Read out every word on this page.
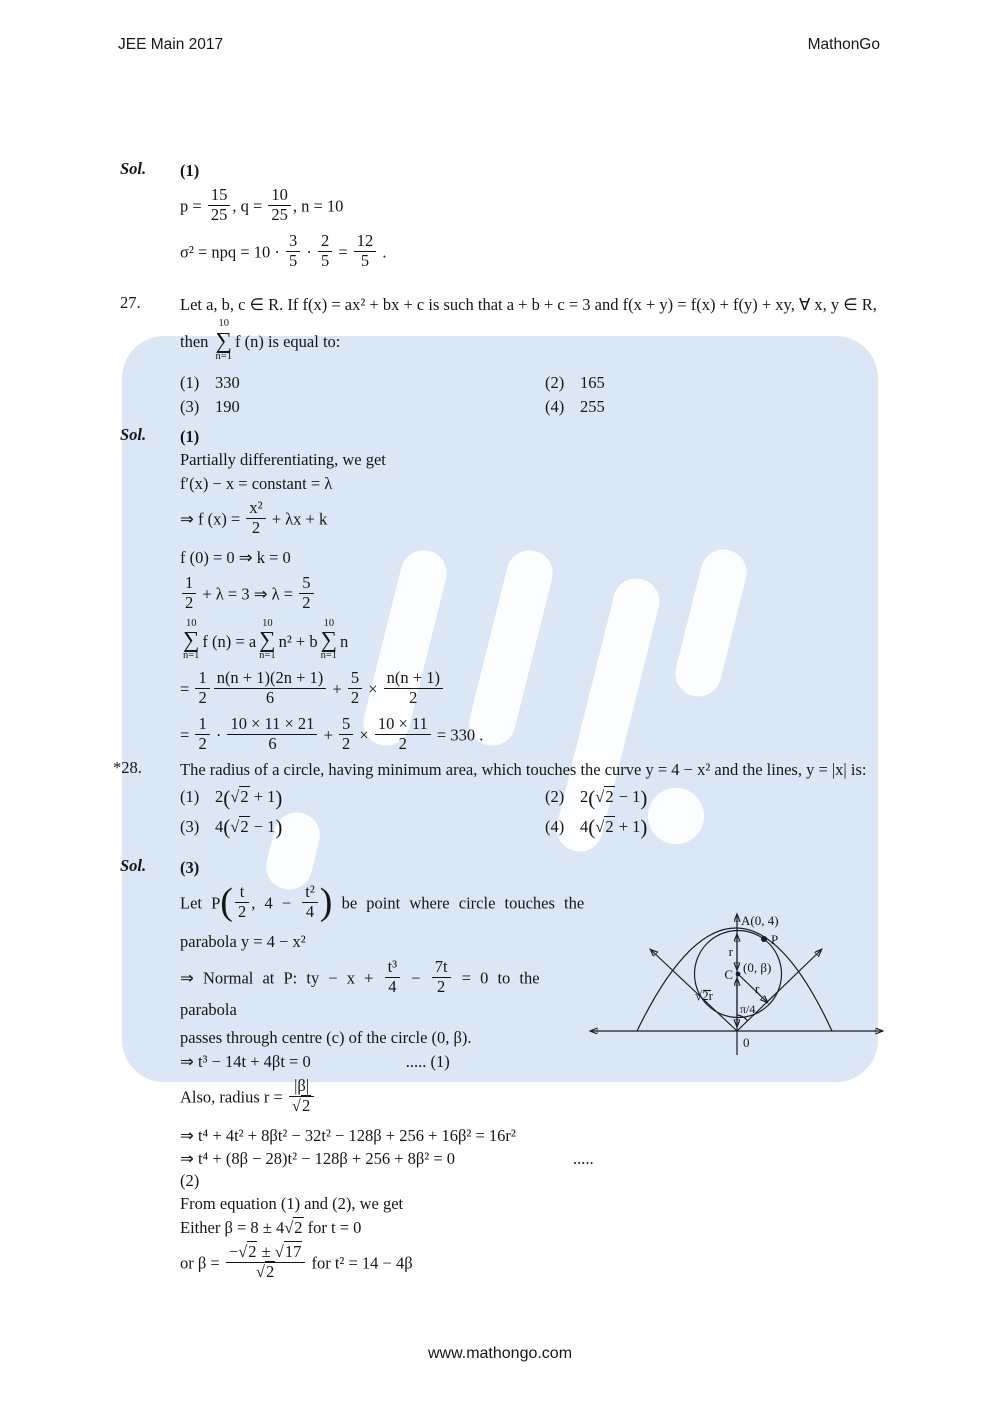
JEE Main 2017	MathonGo
Sol. (1)
$p = \frac{15}{25}$ , $q = \frac{10}{25}$ , n = 10
σ² = npq = $10 \cdot \frac{3}{5} \cdot \frac{2}{5} = \frac{12}{5}$ .
27. Let a, b, c ∈ R. If f(x) = ax² + bx + c is such that a + b + c = 3 and f(x + y) = f(x) + f(y) + xy, ∀ x, y ∈ R,
then
10
∑
n=1
f (n) is equal to:
(1) 330	(2) 165
(3) 190	(4) 255
Sol. (1)
Partially differentiating, we get
f′(x) − x = constant = λ
⇒ f $(x) = \frac{\text{x²}}{2} + \lambda x + k$
f (0) = 0 ⇒ k = 0
$\frac{1}{2} + \lambda = 3$ ⇒ $\lambda = \frac{5}{2}$
10
∑
n=1
f (n) = a
10
∑
n=1
n² + b
10
∑
n=1
n
= $\frac{1}{2} \frac{n(n + 1)(2n + 1)}{6} + \frac{5}{2} \times \frac{n(n + 1)}{2}$
= $\frac{1}{2} \cdot \frac{10 \times 11 \times 21}{6} + \frac{5}{2} \times \frac{10 \times 11}{2} = 330$ .
*28. The radius of a circle, having minimum area, which touches the curve y = 4 − x² and the lines, y = |x| is:
(1) 2(√2 + 1)	(2) 2(√2 − 1)
(3) 4(√2 − 1)	(4) 4(√2 + 1)
Sol. (3)
Let $P( \frac{t}{2}$ , $4 - \frac{\text{t²}}{4}$ ) be point where circle touches the
parabola y = 4 − x²
⇒ Normal at P: ty − $x + \frac{\text{t³}}{4} - \frac{7t}{2} = 0$ to the parabola
passes through centre (c) of the circle (0, β).
⇒ t³ − 14t + 4βt = 0	..... (1)
Also, radius $r = \frac{|\beta|}{√2}$
⇒ t⁴ + 4t² + 8βt² − 32t² − 128β + 256 + 16β² = 16r²
⇒ t⁴ + (8β − 28)t² − 128β + 256 + 8β² = 0	..... (2)
From equation (1) and (2), we get
Either β = 8 ± 4√2 for t = 0
or $\beta = \frac{-√2 \pm √17}{√2}$ for t² = 14 − 4β
A(0, 4)
P
r
C (0, β)
√2r	r
π/4
0
www.mathongo.com
